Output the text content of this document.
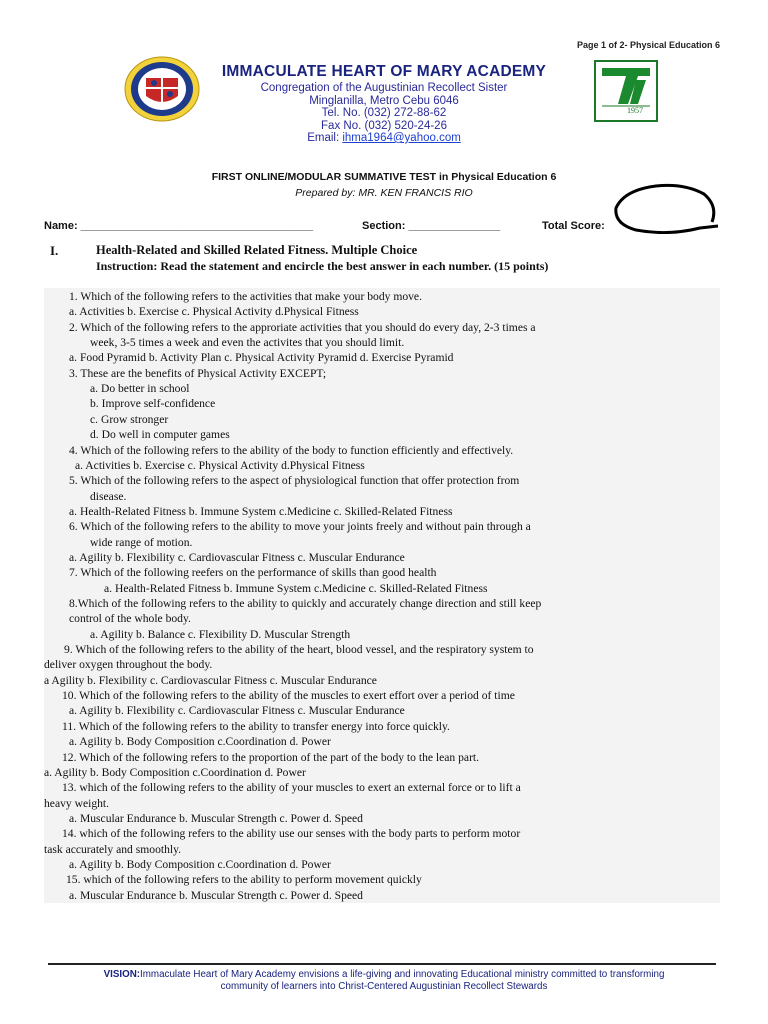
Page 1 of 2- Physical Education 6
1957
IMMACULATE HEART OF MARY ACADEMY
Congregation of the Augustinian Recollect Sister
Minglanilla, Metro Cebu 6046
Tel. No. (032) 272-88-62
Fax No. (032) 520-24-26
Email: ihma1964@yahoo.com
FIRST ONLINE/MODULAR SUMMATIVE TEST in Physical Education 6
Prepared by: MR. KEN FRANCIS RIO
Name: ______________________________________	Section: _______________	Total Score:
I.	Health-Related and Skilled Related Fitness. Multiple Choice
Instruction: Read the statement and encircle the best answer in each number. (15 points)
1. Which of the following refers to the activities that make your body move.
a. Activities b. Exercise c. Physical Activity d.Physical Fitness
2. Which of the following refers to the approriate activities that you should do every day, 2-3 times a
week, 3-5 times a week and even the activites that you should limit.
a. Food Pyramid b. Activity Plan c. Physical Activity Pyramid d. Exercise Pyramid
3. These are the benefits of Physical Activity EXCEPT;
a. Do better in school
b. Improve self-confidence
c. Grow stronger
d. Do well in computer games
4. Which of the following refers to the ability of the body to function efficiently and effectively.
a. Activities b. Exercise c. Physical Activity d.Physical Fitness
5. Which of the following refers to the aspect of physiological function that offer protection from
disease.
a. Health-Related Fitness b. Immune System c.Medicine c. Skilled-Related Fitness
6. Which of the following refers to the ability to move your joints freely and without pain through a
wide range of motion.
a. Agility b. Flexibility c. Cardiovascular Fitness c. Muscular Endurance
7. Which of the following reefers on the performance of skills than good health
a. Health-Related Fitness b. Immune System c.Medicine c. Skilled-Related Fitness
8.Which of the following refers to the ability to quickly and accurately change direction and still keep
control of the whole body.
a. Agility b. Balance c. Flexibility D. Muscular Strength
9. Which of the following refers to the ability of the heart, blood vessel, and the respiratory system to
deliver oxygen throughout the body.
a Agility b. Flexibility c. Cardiovascular Fitness c. Muscular Endurance
10. Which of the following refers to the ability of the muscles to exert effort over a period of time
a. Agility b. Flexibility c. Cardiovascular Fitness c. Muscular Endurance
11. Which of the following refers to the ability to transfer energy into force quickly.
a. Agility b. Body Composition c.Coordination d. Power
12. Which of the following refers to the proportion of the part of the body to the lean part.
a. Agility b. Body Composition c.Coordination d. Power
13. which of the following refers to the ability of your muscles to exert an external force or to lift a
heavy weight.
a. Muscular Endurance b. Muscular Strength c. Power d. Speed
14. which of the following refers to the ability use our senses with the body parts to perform motor
task accurately and smoothly.
a. Agility b. Body Composition c.Coordination d. Power
15. which of the following refers to the ability to perform movement quickly
a. Muscular Endurance b. Muscular Strength c. Power d. Speed
VISION:Immaculate Heart of Mary Academy envisions a life-giving and innovating Educational ministry committed to transforming
community of learners into Christ-Centered Augustinian Recollect Stewards
